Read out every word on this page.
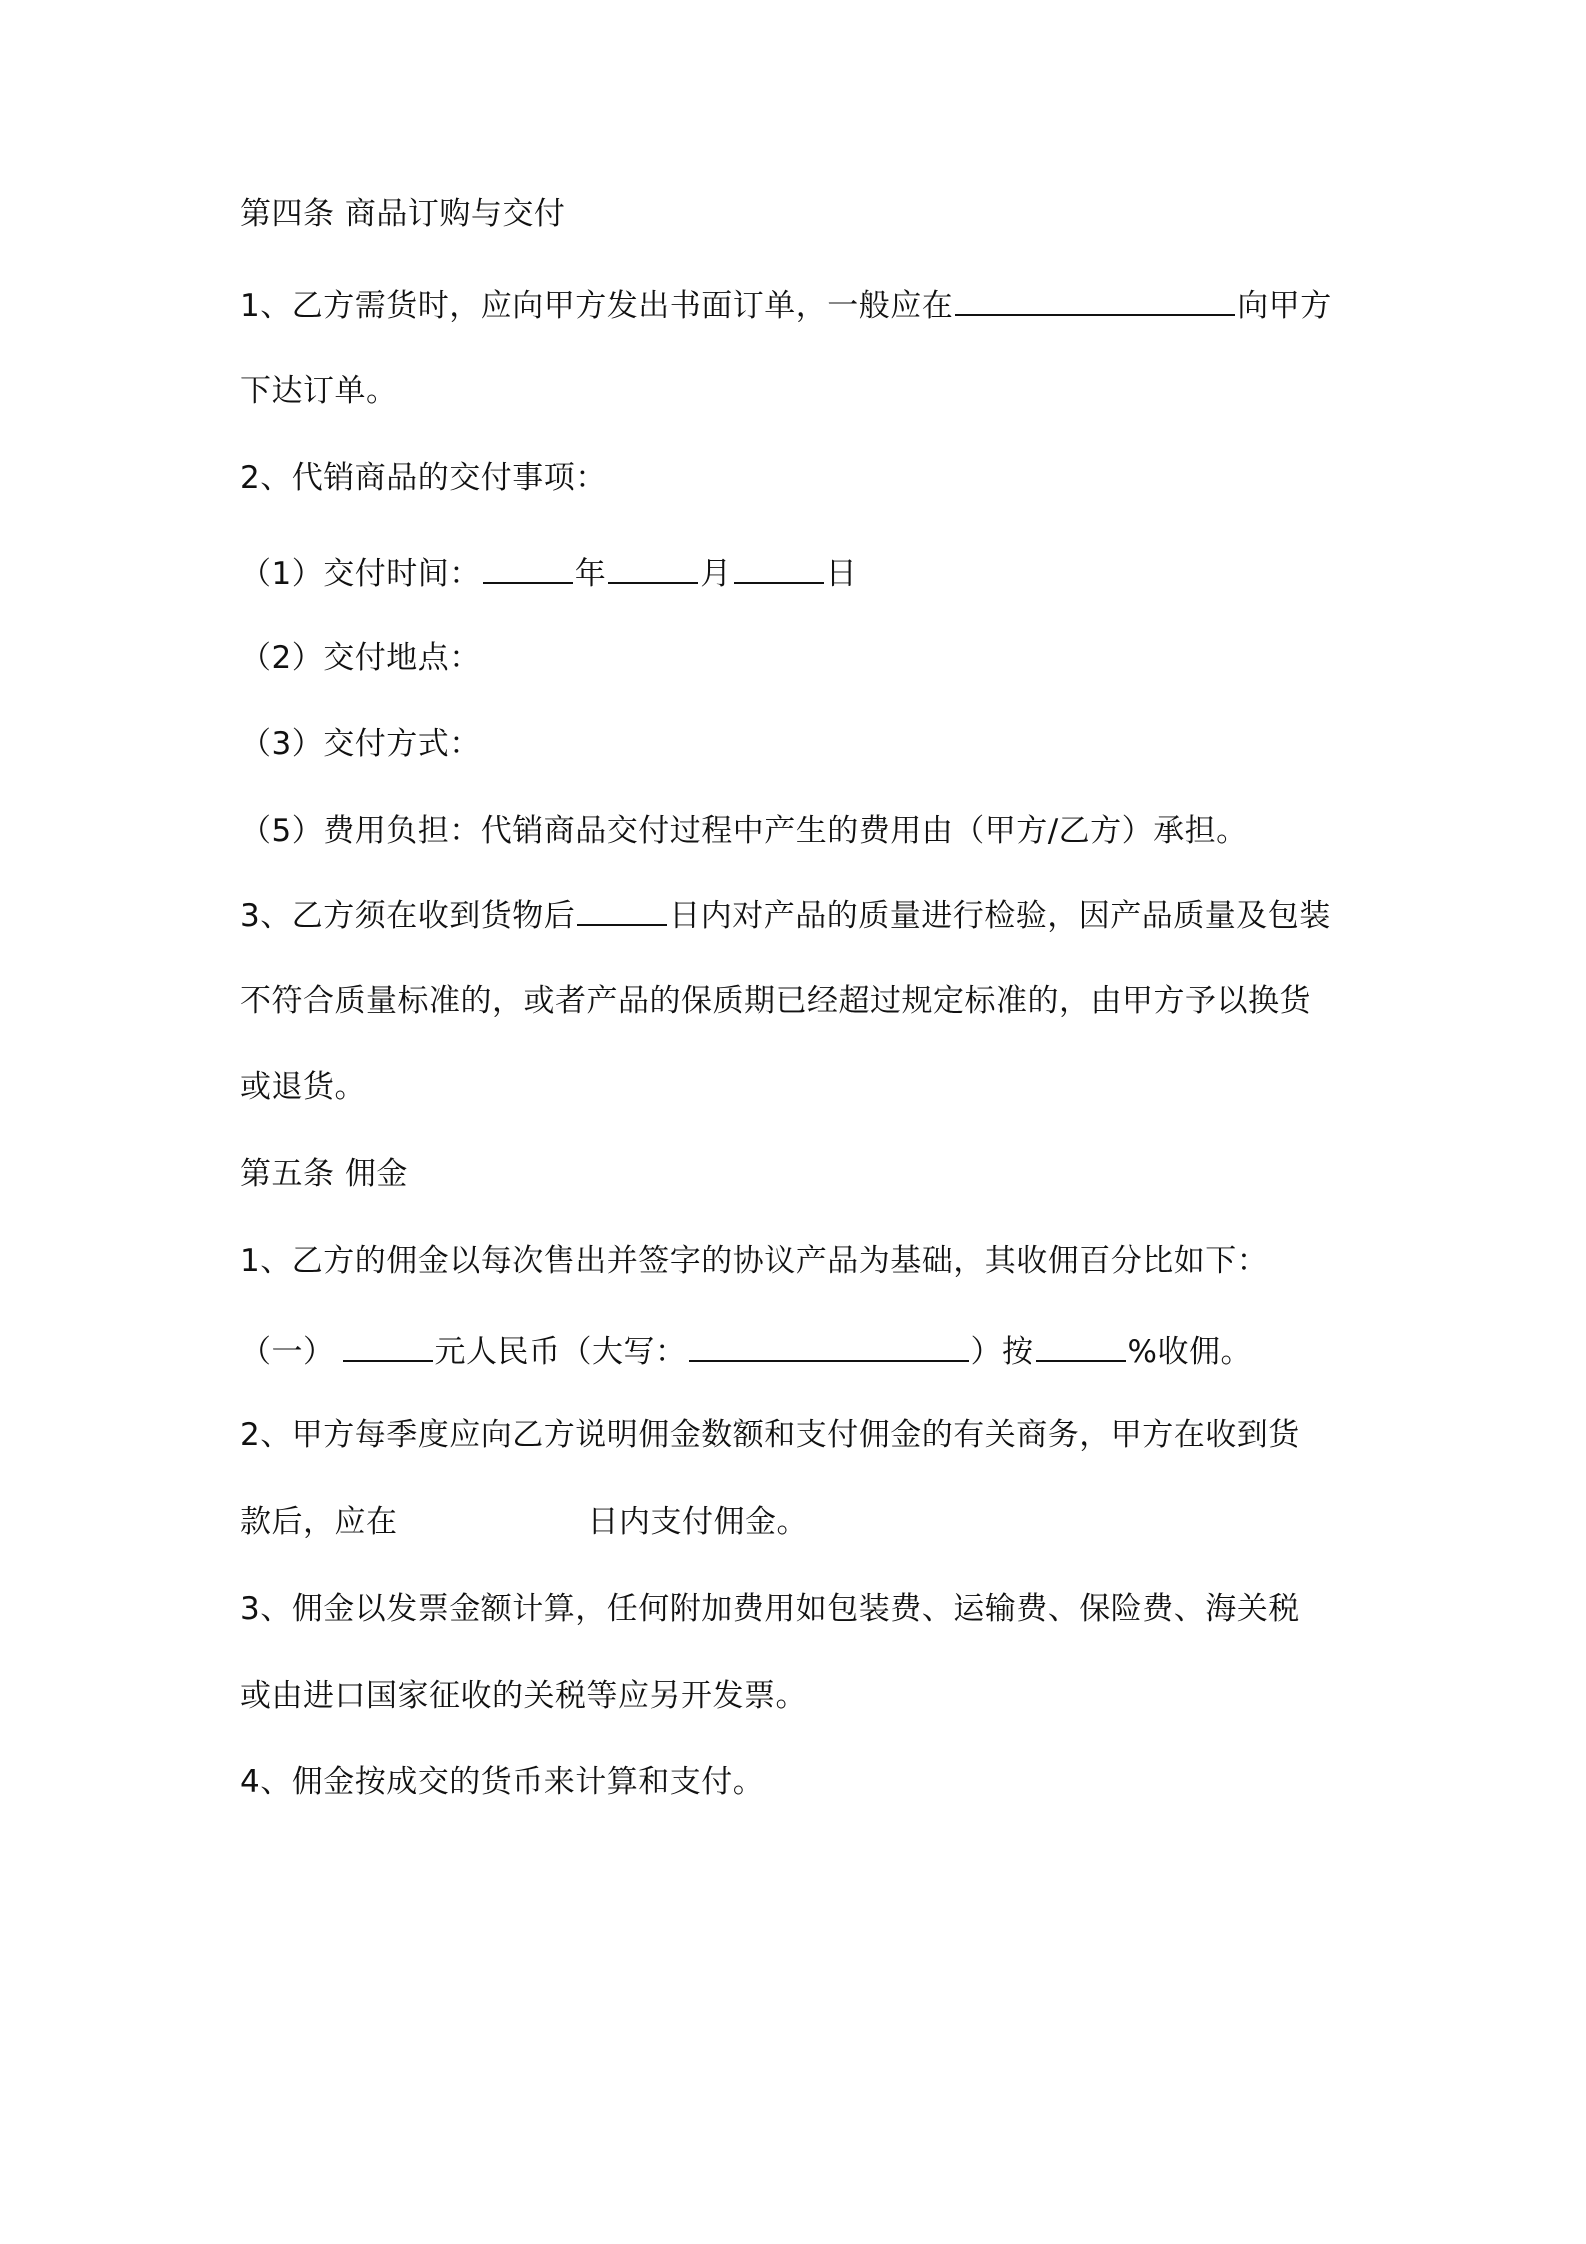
第四条 商品订购与交付
1、乙方需货时，应向甲方发出书面订单，一般应在	向甲方
下达订单。
2、代销商品的交付事项：
（1）交付时间：	年	月	日
（2）交付地点：
（3）交付方式：
（5）费用负担：代销商品交付过程中产生的费用由（甲方/乙方）承担。
3、乙方须在收到货物后	日内对产品的质量进行检验，因产品质量及包装
不符合质量标准的，或者产品的保质期已经超过规定标准的，由甲方予以换货
或退货。
第五条 佣金
1、乙方的佣金以每次售出并签字的协议产品为基础，其收佣百分比如下：
（一）	元人民币（大写：	）按	%收佣。
2、甲方每季度应向乙方说明佣金数额和支付佣金的有关商务，甲方在收到货
款后，应在	日内支付佣金。
3、佣金以发票金额计算，任何附加费用如包装费、运输费、保险费、海关税
或由进口国家征收的关税等应另开发票。
4、佣金按成交的货币来计算和支付。
